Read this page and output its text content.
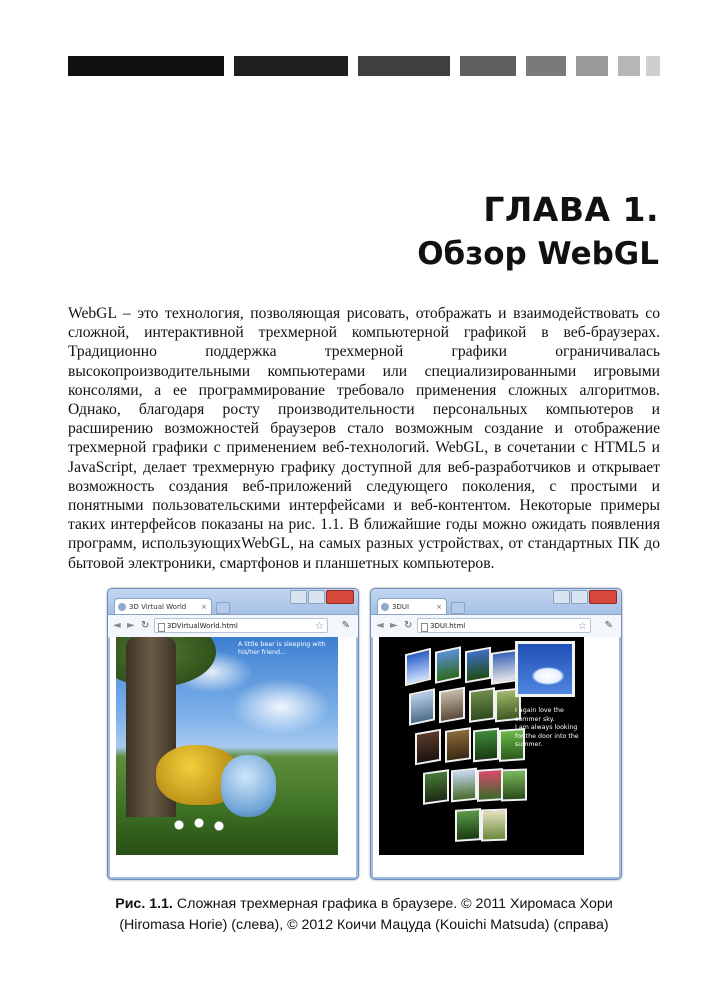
ГЛАВА 1.
Обзор WebGL

WebGL – это технология, позволяющая рисовать, отображать и взаимодействовать со сложной, интерактивной трехмерной компьютерной графикой в веб-браузерах. Традиционно поддержка трехмерной графики ограничивалась высокопроизводительными компьютерами или специализированными игровыми консолями, а ее программирование требовало применения сложных алгоритмов. Однако, благодаря росту производительности персональных компьютеров и расширению возможностей браузеров стало возможным создание и отображение трехмерной графики с применением веб-технологий. WebGL, в сочетании с HTML5 и JavaScript, делает трехмерную графику доступной для веб-разработчиков и открывает возможность создания веб-приложений следующего поколения, с простыми и понятными пользовательскими интерфейсами и веб-контентом. Некоторые примеры таких интерфейсов показаны на рис. 1.1. В ближайшие годы можно ожидать появления программ, использующихWebGL, на самых разных устройствах, от стандартных ПК до бытовой электроники, смартфонов и планшетных компьютеров.

3D Virtual World ×
◄ ► ↻	3DVirtualWorld.html	☆ ✎
A little bear is sleeping with his/her friend...
3DUI	×
◄ ► ↻	3DUI.html	☆ ✎
I again love the
summer sky.
I am always looking
for the door into the
summer.
Рис. 1.1. Сложная трехмерная графика в браузере. © 2011 Хиромаса Хори
(Hiromasa Horie) (слева), © 2012 Коичи Мацуда (Kouichi Matsuda) (справа)
